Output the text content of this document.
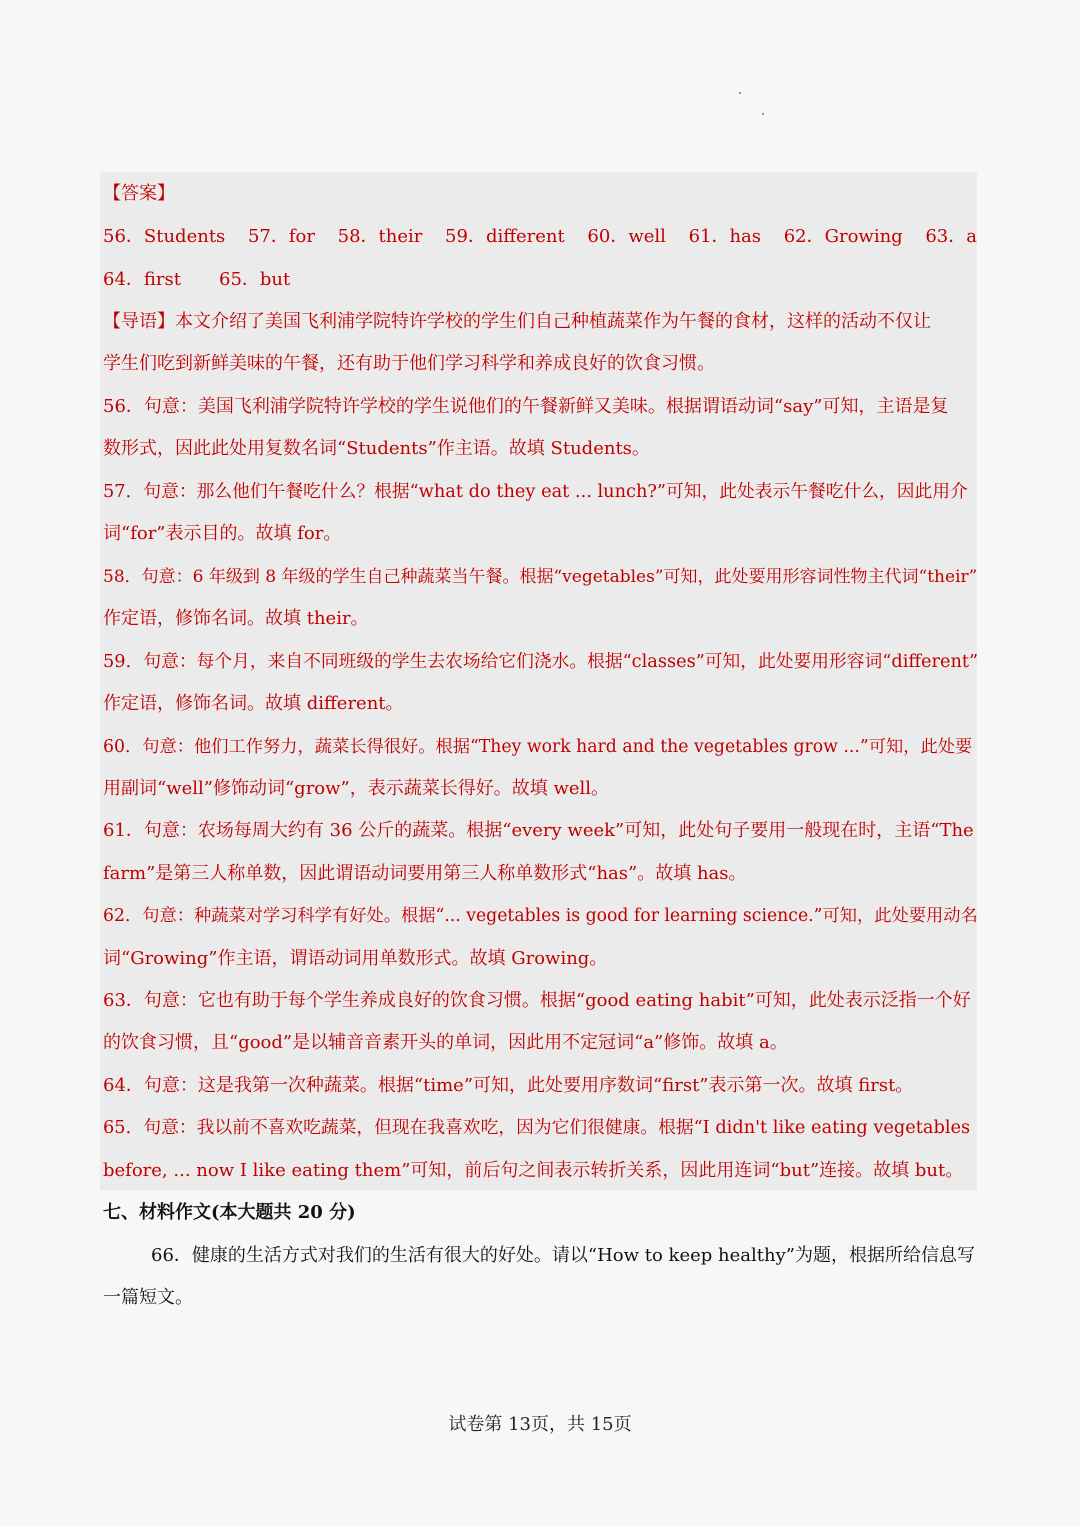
【答案】
56．Students 57．for 58．their 59．different 60．well 61．has 62．Growing 63．a
64．first 65．but
【导语】本文介绍了美国飞利浦学院特许学校的学生们自己种植蔬菜作为午餐的食材，这样的活动不仅让
学生们吃到新鲜美味的午餐，还有助于他们学习科学和养成良好的饮食习惯。
56．句意：美国飞利浦学院特许学校的学生说他们的午餐新鲜又美味。根据谓语动词“say”可知，主语是复
数形式，因此此处用复数名词“Students”作主语。故填 Students。
57．句意：那么他们午餐吃什么？根据“what do they eat ... lunch?”可知，此处表示午餐吃什么，因此用介
词“for”表示目的。故填 for。
58．句意：6 年级到 8 年级的学生自己种蔬菜当午餐。根据“vegetables”可知，此处要用形容词性物主代词“their”
作定语，修饰名词。故填 their。
59．句意：每个月，来自不同班级的学生去农场给它们浇水。根据“classes”可知，此处要用形容词“different”
作定语，修饰名词。故填 different。
60．句意：他们工作努力，蔬菜长得很好。根据“They work hard and the vegetables grow ...”可知，此处要
用副词“well”修饰动词“grow”，表示蔬菜长得好。故填 well。
61．句意：农场每周大约有 36 公斤的蔬菜。根据“every week”可知，此处句子要用一般现在时，主语“The
farm”是第三人称单数，因此谓语动词要用第三人称单数形式“has”。故填 has。
62．句意：种蔬菜对学习科学有好处。根据“... vegetables is good for learning science.”可知，此处要用动名
词“Growing”作主语，谓语动词用单数形式。故填 Growing。
63．句意：它也有助于每个学生养成良好的饮食习惯。根据“good eating habit”可知，此处表示泛指一个好
的饮食习惯，且“good”是以辅音音素开头的单词，因此用不定冠词“a”修饰。故填 a。
64．句意：这是我第一次种蔬菜。根据“time”可知，此处要用序数词“first”表示第一次。故填 first。
65．句意：我以前不喜欢吃蔬菜，但现在我喜欢吃，因为它们很健康。根据“I didn't like eating vegetables
before, ... now I like eating them”可知，前后句之间表示转折关系，因此用连词“but”连接。故填 but。
七、材料作文(本大题共 20 分)
66．健康的生活方式对我们的生活有很大的好处。请以“How to keep healthy”为题，根据所给信息写
一篇短文。
试卷第 13页，共 15页
